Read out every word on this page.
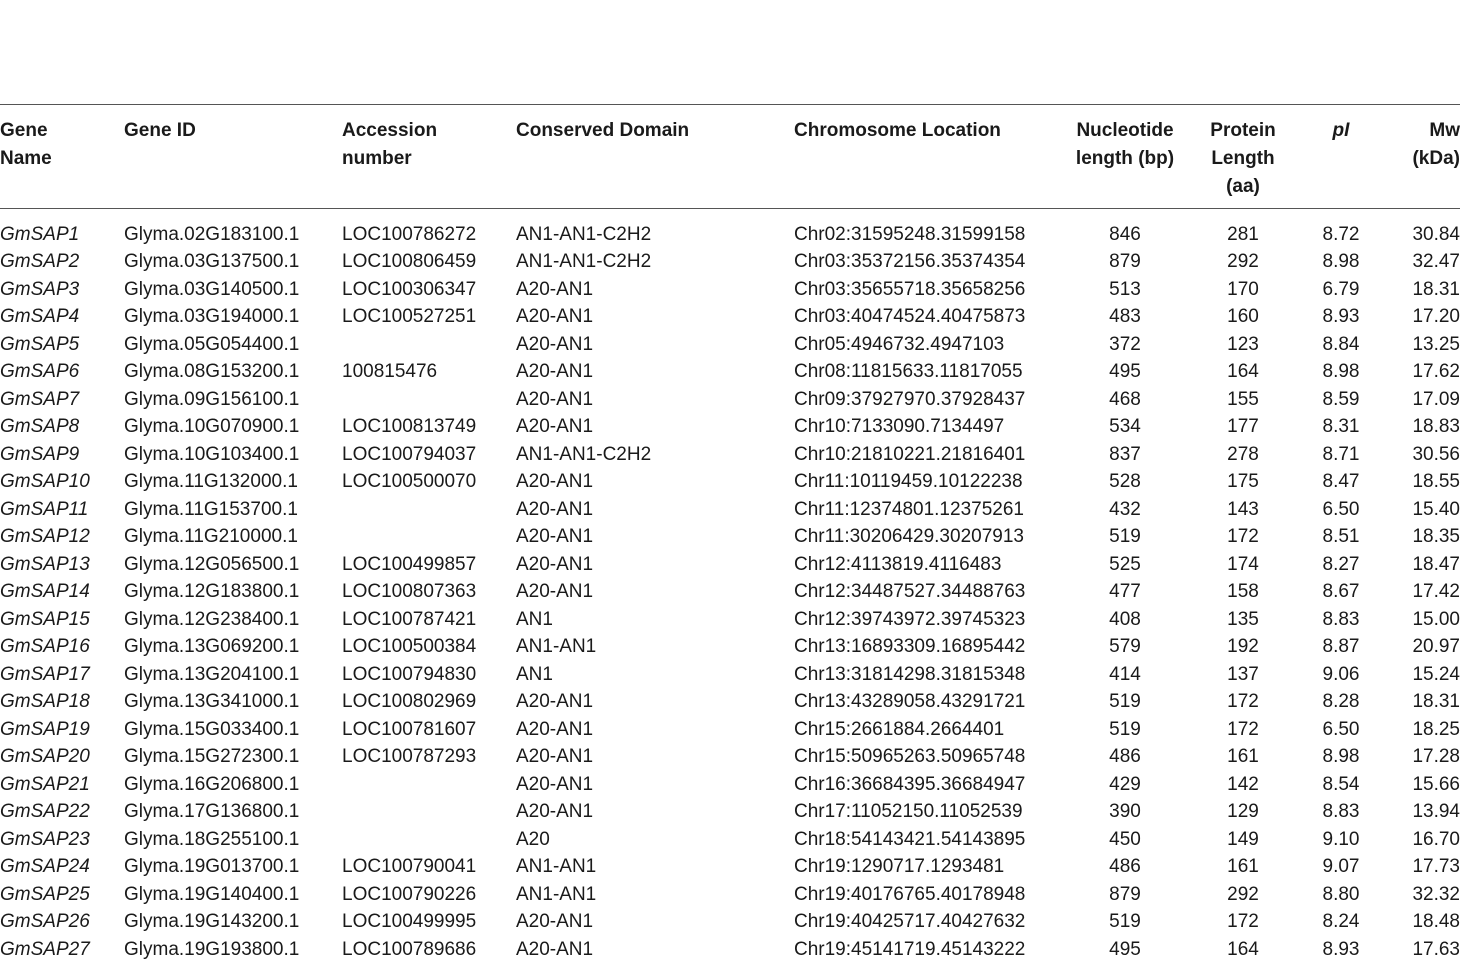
Gene Name	Gene ID	Accession number	Conserved Domain	Chromosome Location	Nucleotide length (bp)	Protein Length (aa)	pI	Mw (kDa)
GmSAP1	Glyma.02G183100.1	LOC100786272	AN1-AN1-C2H2	Chr02:31595248.31599158	846	281	8.72	30.84
GmSAP2	Glyma.03G137500.1	LOC100806459	AN1-AN1-C2H2	Chr03:35372156.35374354	879	292	8.98	32.47
GmSAP3	Glyma.03G140500.1	LOC100306347	A20-AN1	Chr03:35655718.35658256	513	170	6.79	18.31
GmSAP4	Glyma.03G194000.1	LOC100527251	A20-AN1	Chr03:40474524.40475873	483	160	8.93	17.20
GmSAP5	Glyma.05G054400.1		A20-AN1	Chr05:4946732.4947103	372	123	8.84	13.25
GmSAP6	Glyma.08G153200.1	100815476	A20-AN1	Chr08:11815633.11817055	495	164	8.98	17.62
GmSAP7	Glyma.09G156100.1		A20-AN1	Chr09:37927970.37928437	468	155	8.59	17.09
GmSAP8	Glyma.10G070900.1	LOC100813749	A20-AN1	Chr10:7133090.7134497	534	177	8.31	18.83
GmSAP9	Glyma.10G103400.1	LOC100794037	AN1-AN1-C2H2	Chr10:21810221.21816401	837	278	8.71	30.56
GmSAP10	Glyma.11G132000.1	LOC100500070	A20-AN1	Chr11:10119459.10122238	528	175	8.47	18.55
GmSAP11	Glyma.11G153700.1		A20-AN1	Chr11:12374801.12375261	432	143	6.50	15.40
GmSAP12	Glyma.11G210000.1		A20-AN1	Chr11:30206429.30207913	519	172	8.51	18.35
GmSAP13	Glyma.12G056500.1	LOC100499857	A20-AN1	Chr12:4113819.4116483	525	174	8.27	18.47
GmSAP14	Glyma.12G183800.1	LOC100807363	A20-AN1	Chr12:34487527.34488763	477	158	8.67	17.42
GmSAP15	Glyma.12G238400.1	LOC100787421	AN1	Chr12:39743972.39745323	408	135	8.83	15.00
GmSAP16	Glyma.13G069200.1	LOC100500384	AN1-AN1	Chr13:16893309.16895442	579	192	8.87	20.97
GmSAP17	Glyma.13G204100.1	LOC100794830	AN1	Chr13:31814298.31815348	414	137	9.06	15.24
GmSAP18	Glyma.13G341000.1	LOC100802969	A20-AN1	Chr13:43289058.43291721	519	172	8.28	18.31
GmSAP19	Glyma.15G033400.1	LOC100781607	A20-AN1	Chr15:2661884.2664401	519	172	6.50	18.25
GmSAP20	Glyma.15G272300.1	LOC100787293	A20-AN1	Chr15:50965263.50965748	486	161	8.98	17.28
GmSAP21	Glyma.16G206800.1		A20-AN1	Chr16:36684395.36684947	429	142	8.54	15.66
GmSAP22	Glyma.17G136800.1		A20-AN1	Chr17:11052150.11052539	390	129	8.83	13.94
GmSAP23	Glyma.18G255100.1		A20	Chr18:54143421.54143895	450	149	9.10	16.70
GmSAP24	Glyma.19G013700.1	LOC100790041	AN1-AN1	Chr19:1290717.1293481	486	161	9.07	17.73
GmSAP25	Glyma.19G140400.1	LOC100790226	AN1-AN1	Chr19:40176765.40178948	879	292	8.80	32.32
GmSAP26	Glyma.19G143200.1	LOC100499995	A20-AN1	Chr19:40425717.40427632	519	172	8.24	18.48
GmSAP27	Glyma.19G193800.1	LOC100789686	A20-AN1	Chr19:45141719.45143222	495	164	8.93	17.63
